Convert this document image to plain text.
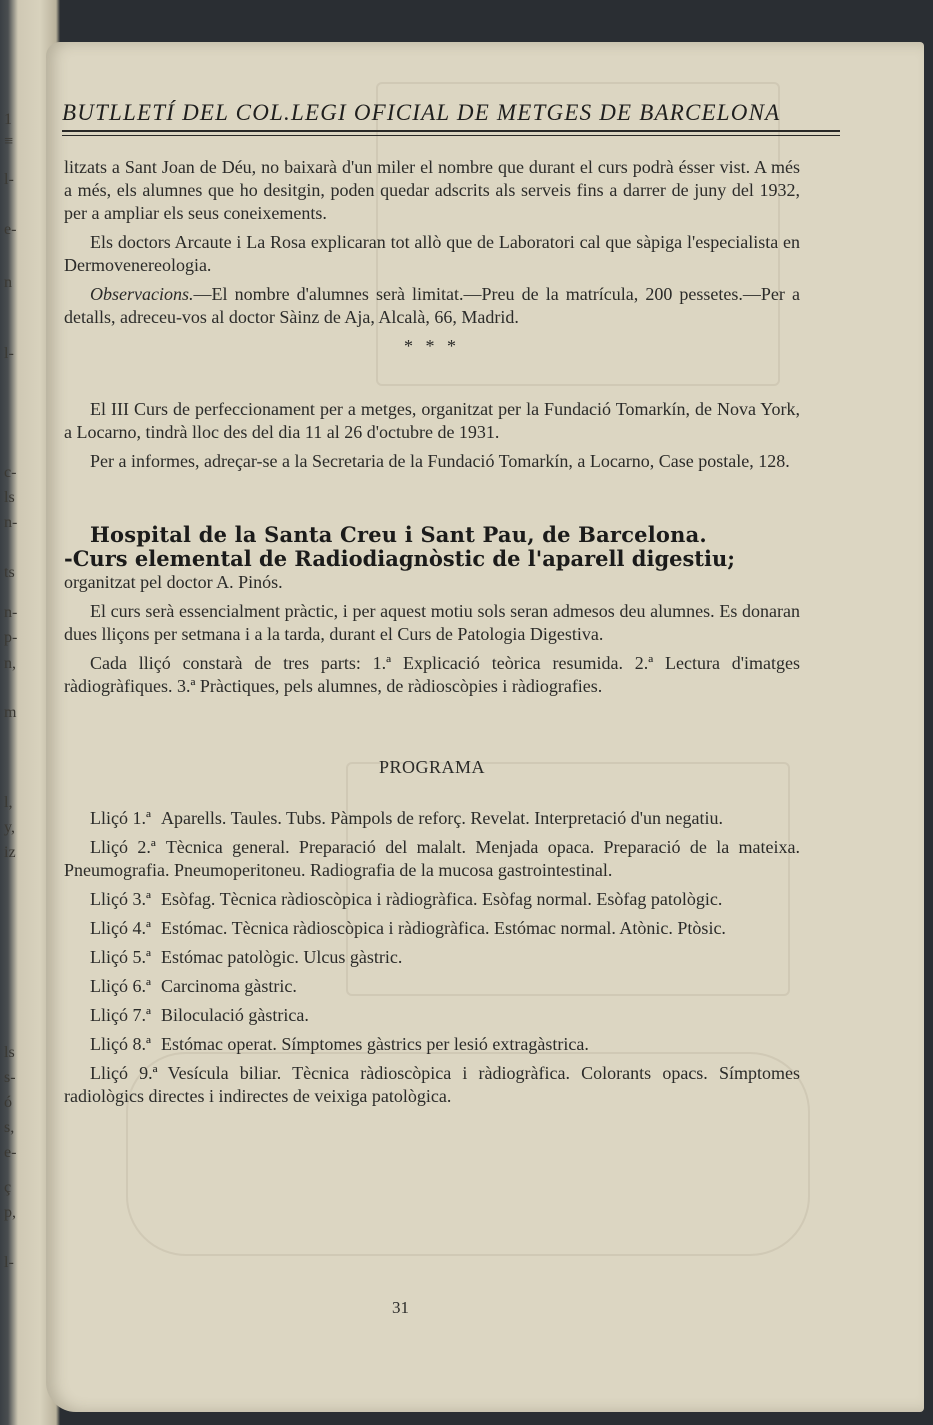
1
≡
l-
e-
n
l-
c-
ls
n-
ts
n-
p-
n,
m
l,
y,
iz
ls
s-
ó
s,
e-
ç
p,
l-
BUTLLETÍ DEL COL.LEGI OFICIAL DE METGES DE BARCELONA

litzats a Sant Joan de Déu, no baixarà d'un miler el nombre que durant el curs podrà ésser vist. A més a més, els alumnes que ho desitgin, poden quedar adscrits als serveis fins a darrer de juny del 1932, per a ampliar els seus coneixements.

Els doctors Arcaute i La Rosa explicaran tot allò que de Laboratori cal que sàpiga l'especialista en Dermovenereologia.

Observacions.—El nombre d'alumnes serà limitat.—Preu de la matrícula, 200 pessetes.—Per a detalls, adreceu-vos al doctor Sàinz de Aja, Alcalà, 66, Madrid.

* * *

El III Curs de perfeccionament per a metges, organitzat per la Fundació Tomarkín, de Nova York, a Locarno, tindrà lloc des del dia 11 al 26 d'octubre de 1931.

Per a informes, adreçar-se a la Secretaria de la Fundació Tomarkín, a Locarno, Case postale, 128.

Hospital de la Santa Creu i Sant Pau, de Barcelona.
-Curs elemental de Radiodiagnòstic de l'aparell digestiu;

organitzat pel doctor A. Pinós.

El curs serà essencialment pràctic, i per aquest motiu sols seran admesos deu alumnes. Es donaran dues lliçons per setmana i a la tarda, durant el Curs de Patologia Digestiva.

Cada lliçó constarà de tres parts: 1.ª Explicació teòrica resumida. 2.ª Lectura d'imatges ràdiogràfiques. 3.ª Pràctiques, pels alumnes, de ràdioscòpies i ràdiografies.

PROGRAMA

Lliçó 1.ª Aparells. Taules. Tubs. Pàmpols de reforç. Revelat. Interpretació d'un negatiu.

Lliçó 2.ª Tècnica general. Preparació del malalt. Menjada opaca. Preparació de la mateixa. Pneumografia. Pneumoperitoneu. Radiografia de la mucosa gastrointestinal.

Lliçó 3.ª Esòfag. Tècnica ràdioscòpica i ràdiogràfica. Esòfag normal. Esòfag patològic.

Lliçó 4.ª Estómac. Tècnica ràdioscòpica i ràdiogràfica. Estómac normal. Atònic. Ptòsic.

Lliçó 5.ª Estómac patològic. Ulcus gàstric.

Lliçó 6.ª Carcinoma gàstric.

Lliçó 7.ª Biloculació gàstrica.

Lliçó 8.ª Estómac operat. Símptomes gàstrics per lesió extragàstrica.

Lliçó 9.ª Vesícula biliar. Tècnica ràdioscòpica i ràdiogràfica. Colorants opacs. Símptomes radiològics directes i indirectes de veixiga patològica.

31
